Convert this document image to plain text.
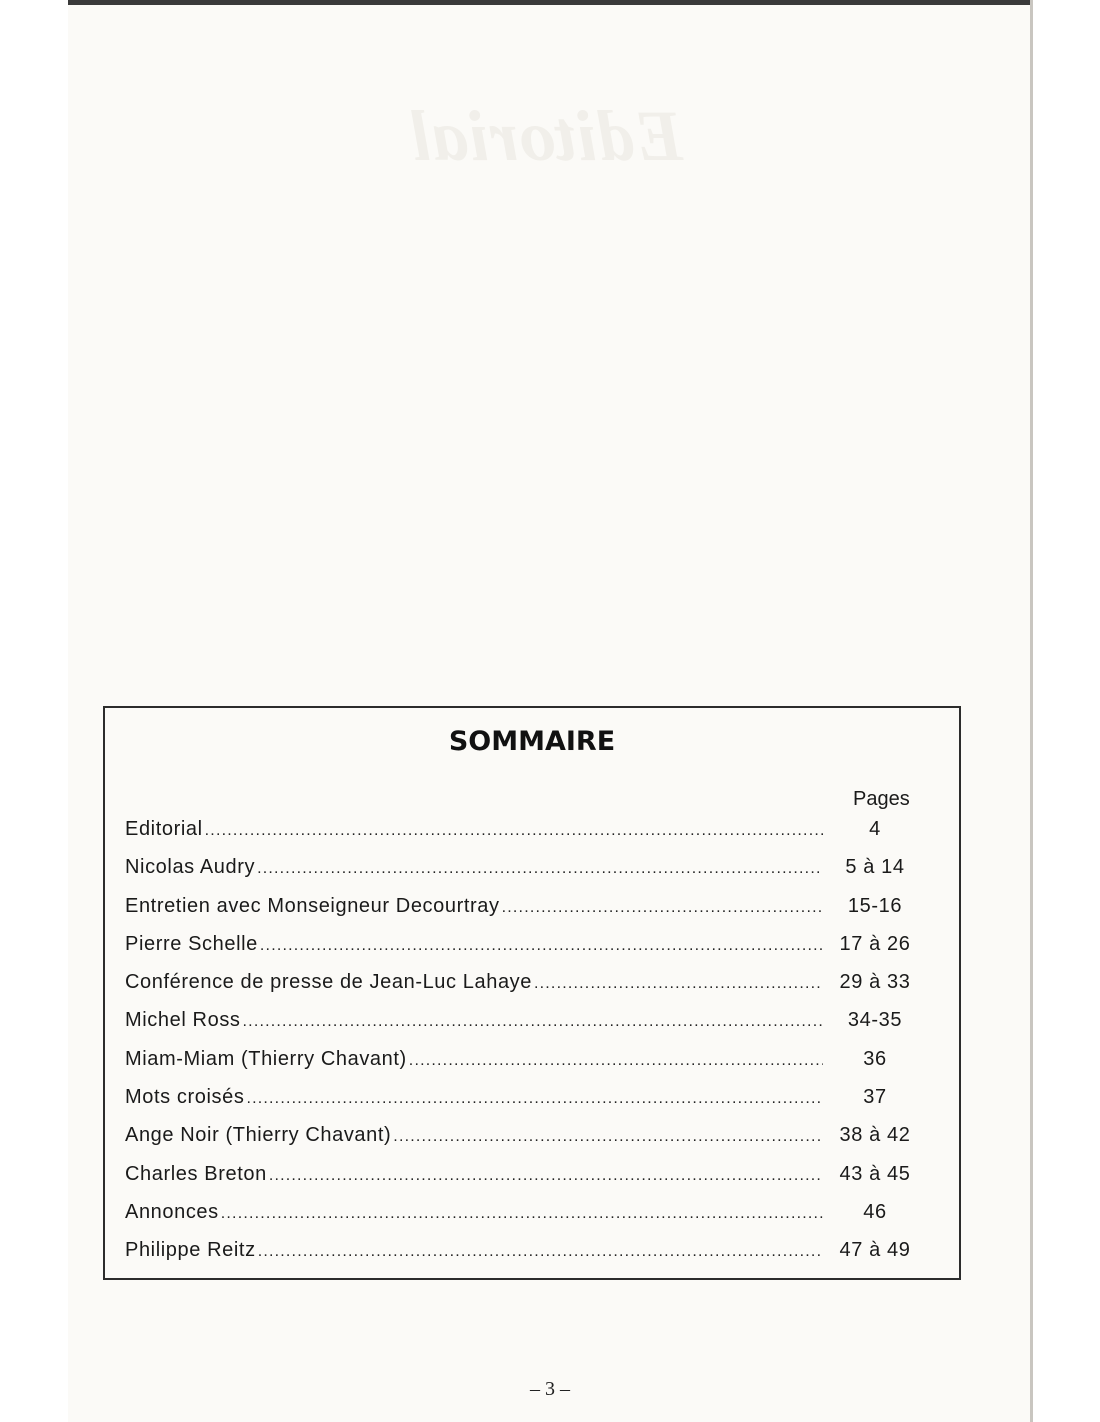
Editorial
SOMMAIRE
Pages
Editorial .....	4
Nicolas Audry .....	5 à 14
Entretien avec Monseigneur Decourtray .....	15-16
Pierre Schelle .....	17 à 26
Conférence de presse de Jean-Luc Lahaye .....	29 à 33
Michel Ross .....	34-35
Miam-Miam (Thierry Chavant) .....	36
Mots croisés .....	37
Ange Noir (Thierry Chavant) .....	38 à 42
Charles Breton .....	43 à 45
Annonces .....	46
Philippe Reitz .....	47 à 49
– 3 –
